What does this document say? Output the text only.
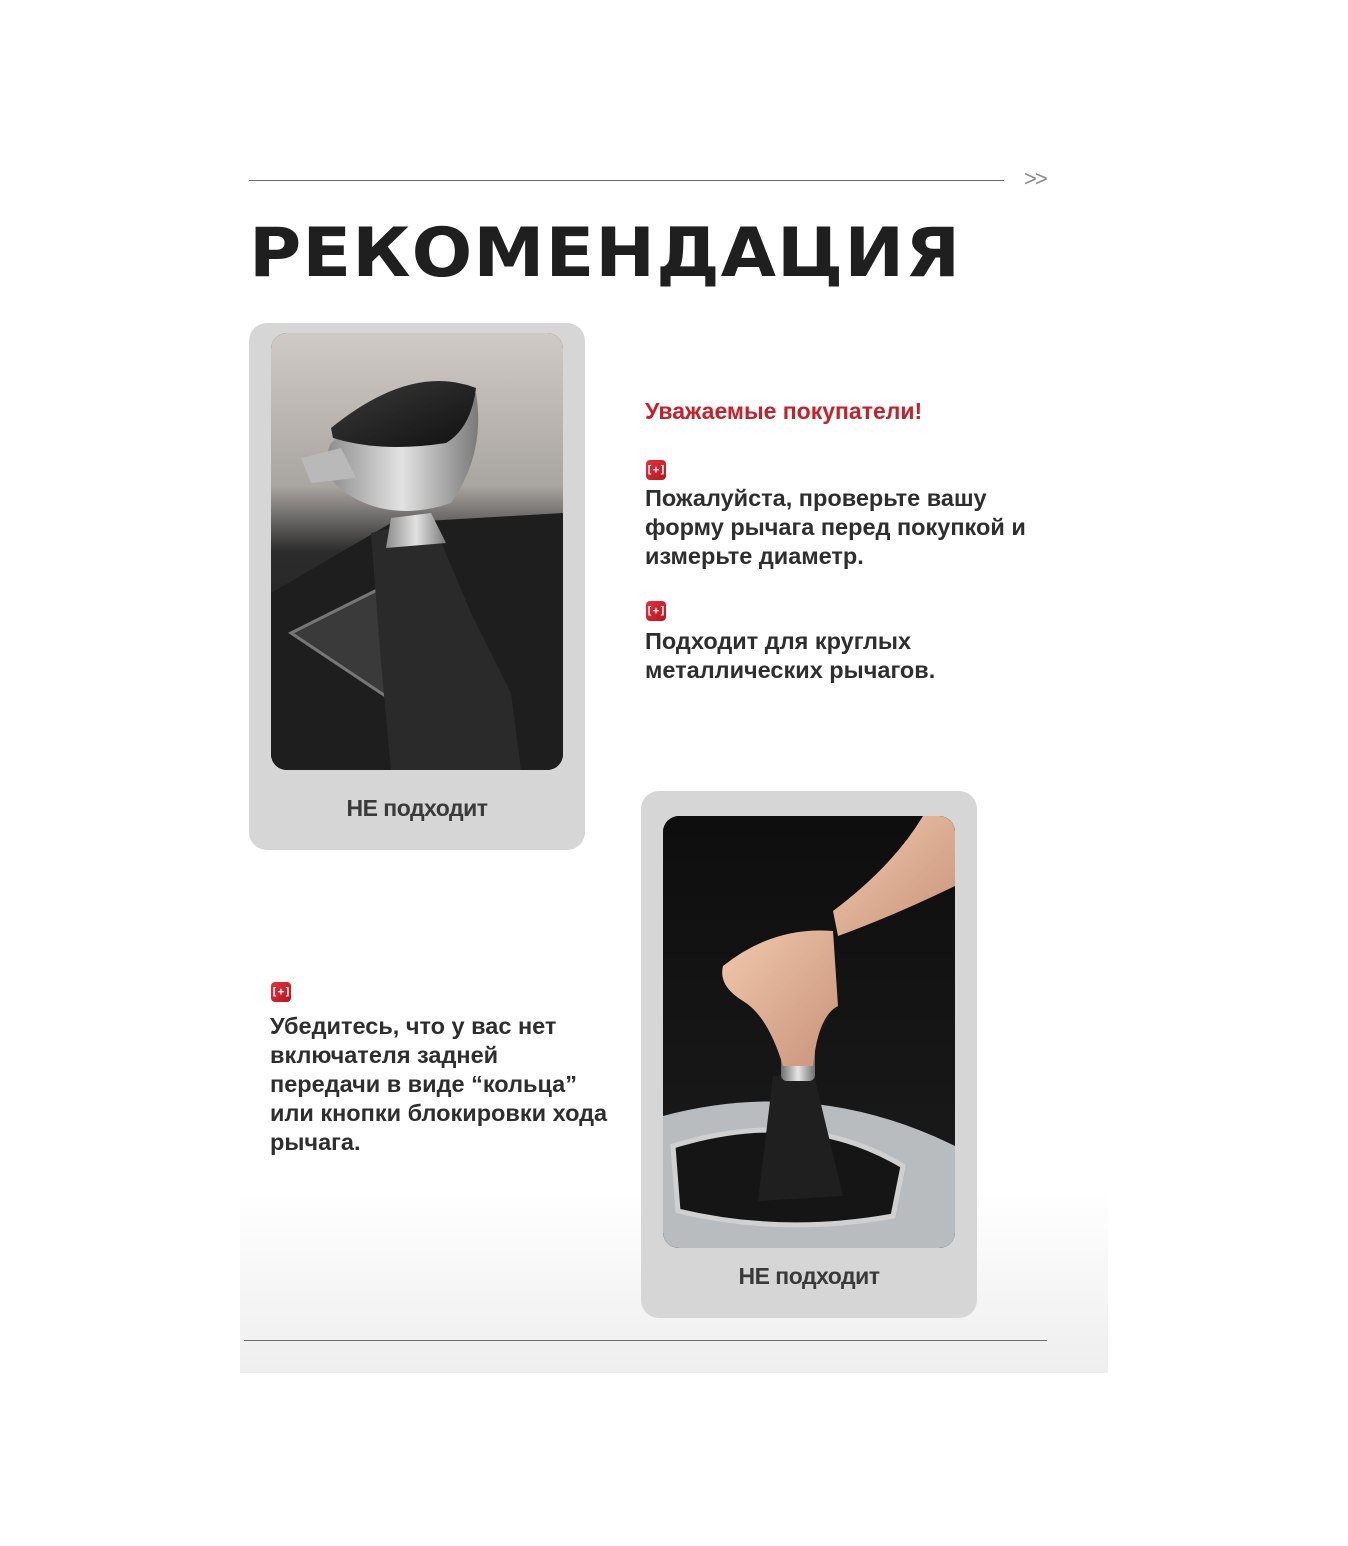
>>
РЕКОМЕНДАЦИЯ
НЕ подходит

Уважаемые покупатели!

[+]

Пожалуйста, проверьте вашу форму рычага перед покупкой и измерьте диаметр.

[+]

Подходит для круглых металлических рычагов.

НЕ подходит
[+]

Убедитесь, что у вас нет включателя задней передачи в виде “кольца” или кнопки блокировки хода рычага.
